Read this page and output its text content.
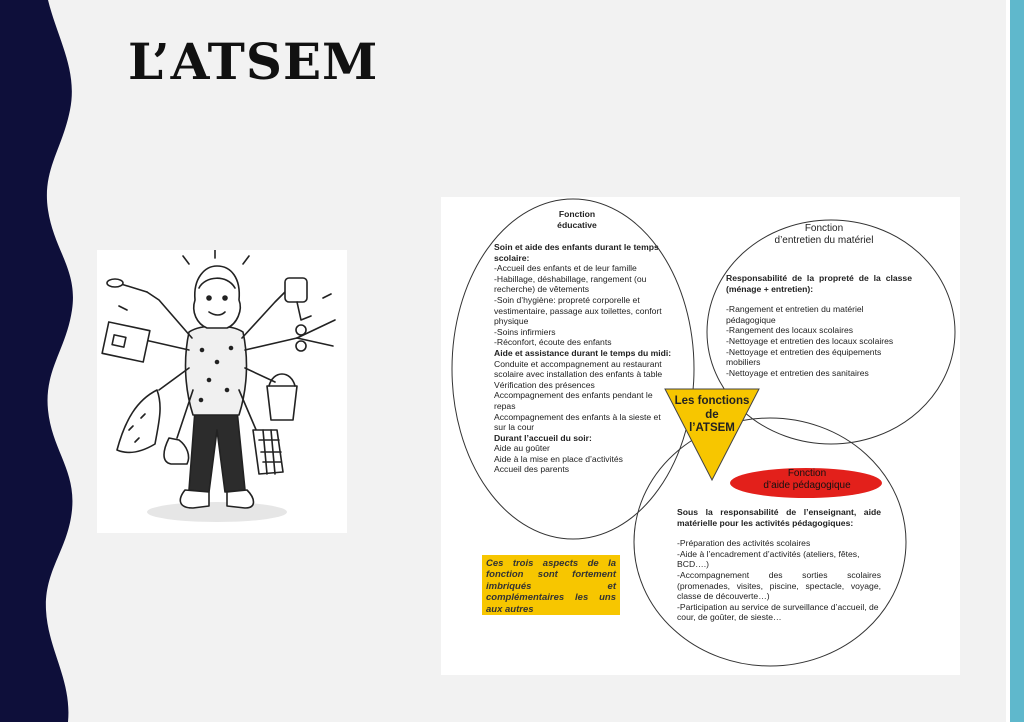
L’ATSEM

Fonction

éducative

Soin et aide des enfants durant le temps scolaire:

-Accueil des enfants et de leur famille

-Habillage, déshabillage, rangement (ou recherche) de vêtements

-Soin d’hygiène: propreté corporelle et vestimentaire, passage aux toilettes, confort physique

-Soins infirmiers

-Réconfort, écoute des enfants

Aide et assistance durant le temps du midi:

Conduite et accompagnement au restaurant scolaire avec installation des enfants à table

Vérification des présences

Accompagnement des enfants pendant le repas

Accompagnement des enfants à la sieste et sur la cour

Durant l’accueil du soir:

Aide au goûter

Aide à la mise en place d’activités

Accueil des parents

Fonction

d’entretien du matériel

Responsabilité de la propreté de la classe (ménage + entretien):

-Rangement et entretien du matériel pédagogique

-Rangement des locaux scolaires

-Nettoyage et entretien des locaux scolaires

-Nettoyage et entretien des équipements mobiliers

-Nettoyage et entretien des sanitaires

Les fonctions

de

l’ATSEM

Fonction

d’aide pédagogique

Sous la responsabilité de l’enseignant, aide matérielle pour les activités pédagogiques:

-Préparation des activités scolaires

-Aide à l’encadrement d’activités (ateliers, fêtes, BCD….)

-Accompagnement des sorties scolaires (promenades, visites, piscine, spectacle, voyage, classe de découverte…)

-Participation au service de surveillance d’accueil, de cour, de goûter, de sieste…

Ces trois aspects de la fonction sont fortement imbriqués et complémentaires les uns aux autres
